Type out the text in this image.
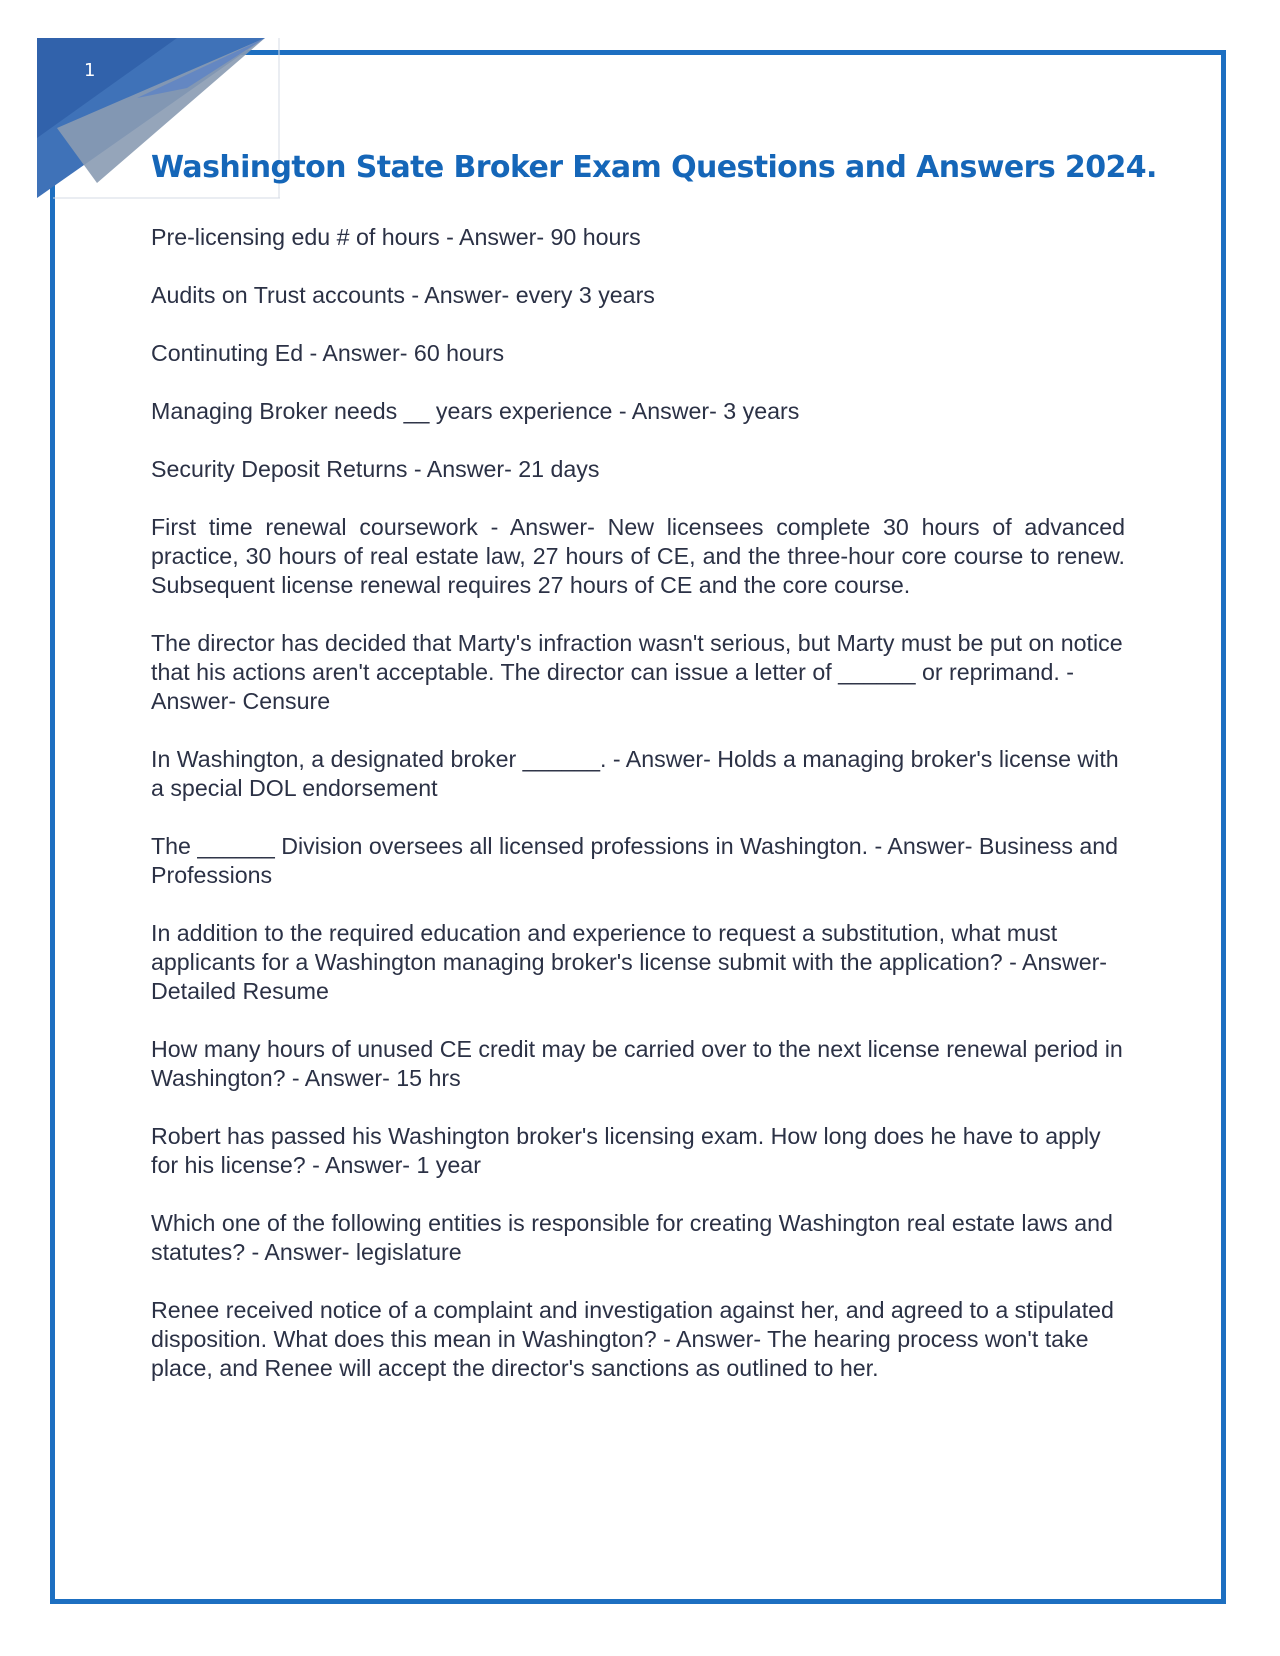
1
Washington State Broker Exam Questions and Answers 2024.
Pre-licensing edu # of hours - Answer- 90 hours
Audits on Trust accounts - Answer- every 3 years
Continuting Ed - Answer- 60 hours
Managing Broker needs __ years experience - Answer- 3 years
Security Deposit Returns - Answer- 21 days
First time renewal coursework - Answer- New licensees complete 30 hours of advanced practice, 30 hours of real estate law, 27 hours of CE, and the three-hour core course to renew. Subsequent license renewal requires 27 hours of CE and the core course.
The director has decided that Marty's infraction wasn't serious, but Marty must be put on notice that his actions aren't acceptable. The director can issue a letter of ______ or reprimand. - Answer- Censure
In Washington, a designated broker ______. - Answer- Holds a managing broker's license with a special DOL endorsement
The ______ Division oversees all licensed professions in Washington. - Answer- Business and Professions
In addition to the required education and experience to request a substitution, what must applicants for a Washington managing broker's license submit with the application? - Answer- Detailed Resume
How many hours of unused CE credit may be carried over to the next license renewal period in Washington? - Answer- 15 hrs
Robert has passed his Washington broker's licensing exam. How long does he have to apply for his license? - Answer- 1 year
Which one of the following entities is responsible for creating Washington real estate laws and statutes? - Answer- legislature
Renee received notice of a complaint and investigation against her, and agreed to a stipulated disposition. What does this mean in Washington? - Answer- The hearing process won't take place, and Renee will accept the director's sanctions as outlined to her.
